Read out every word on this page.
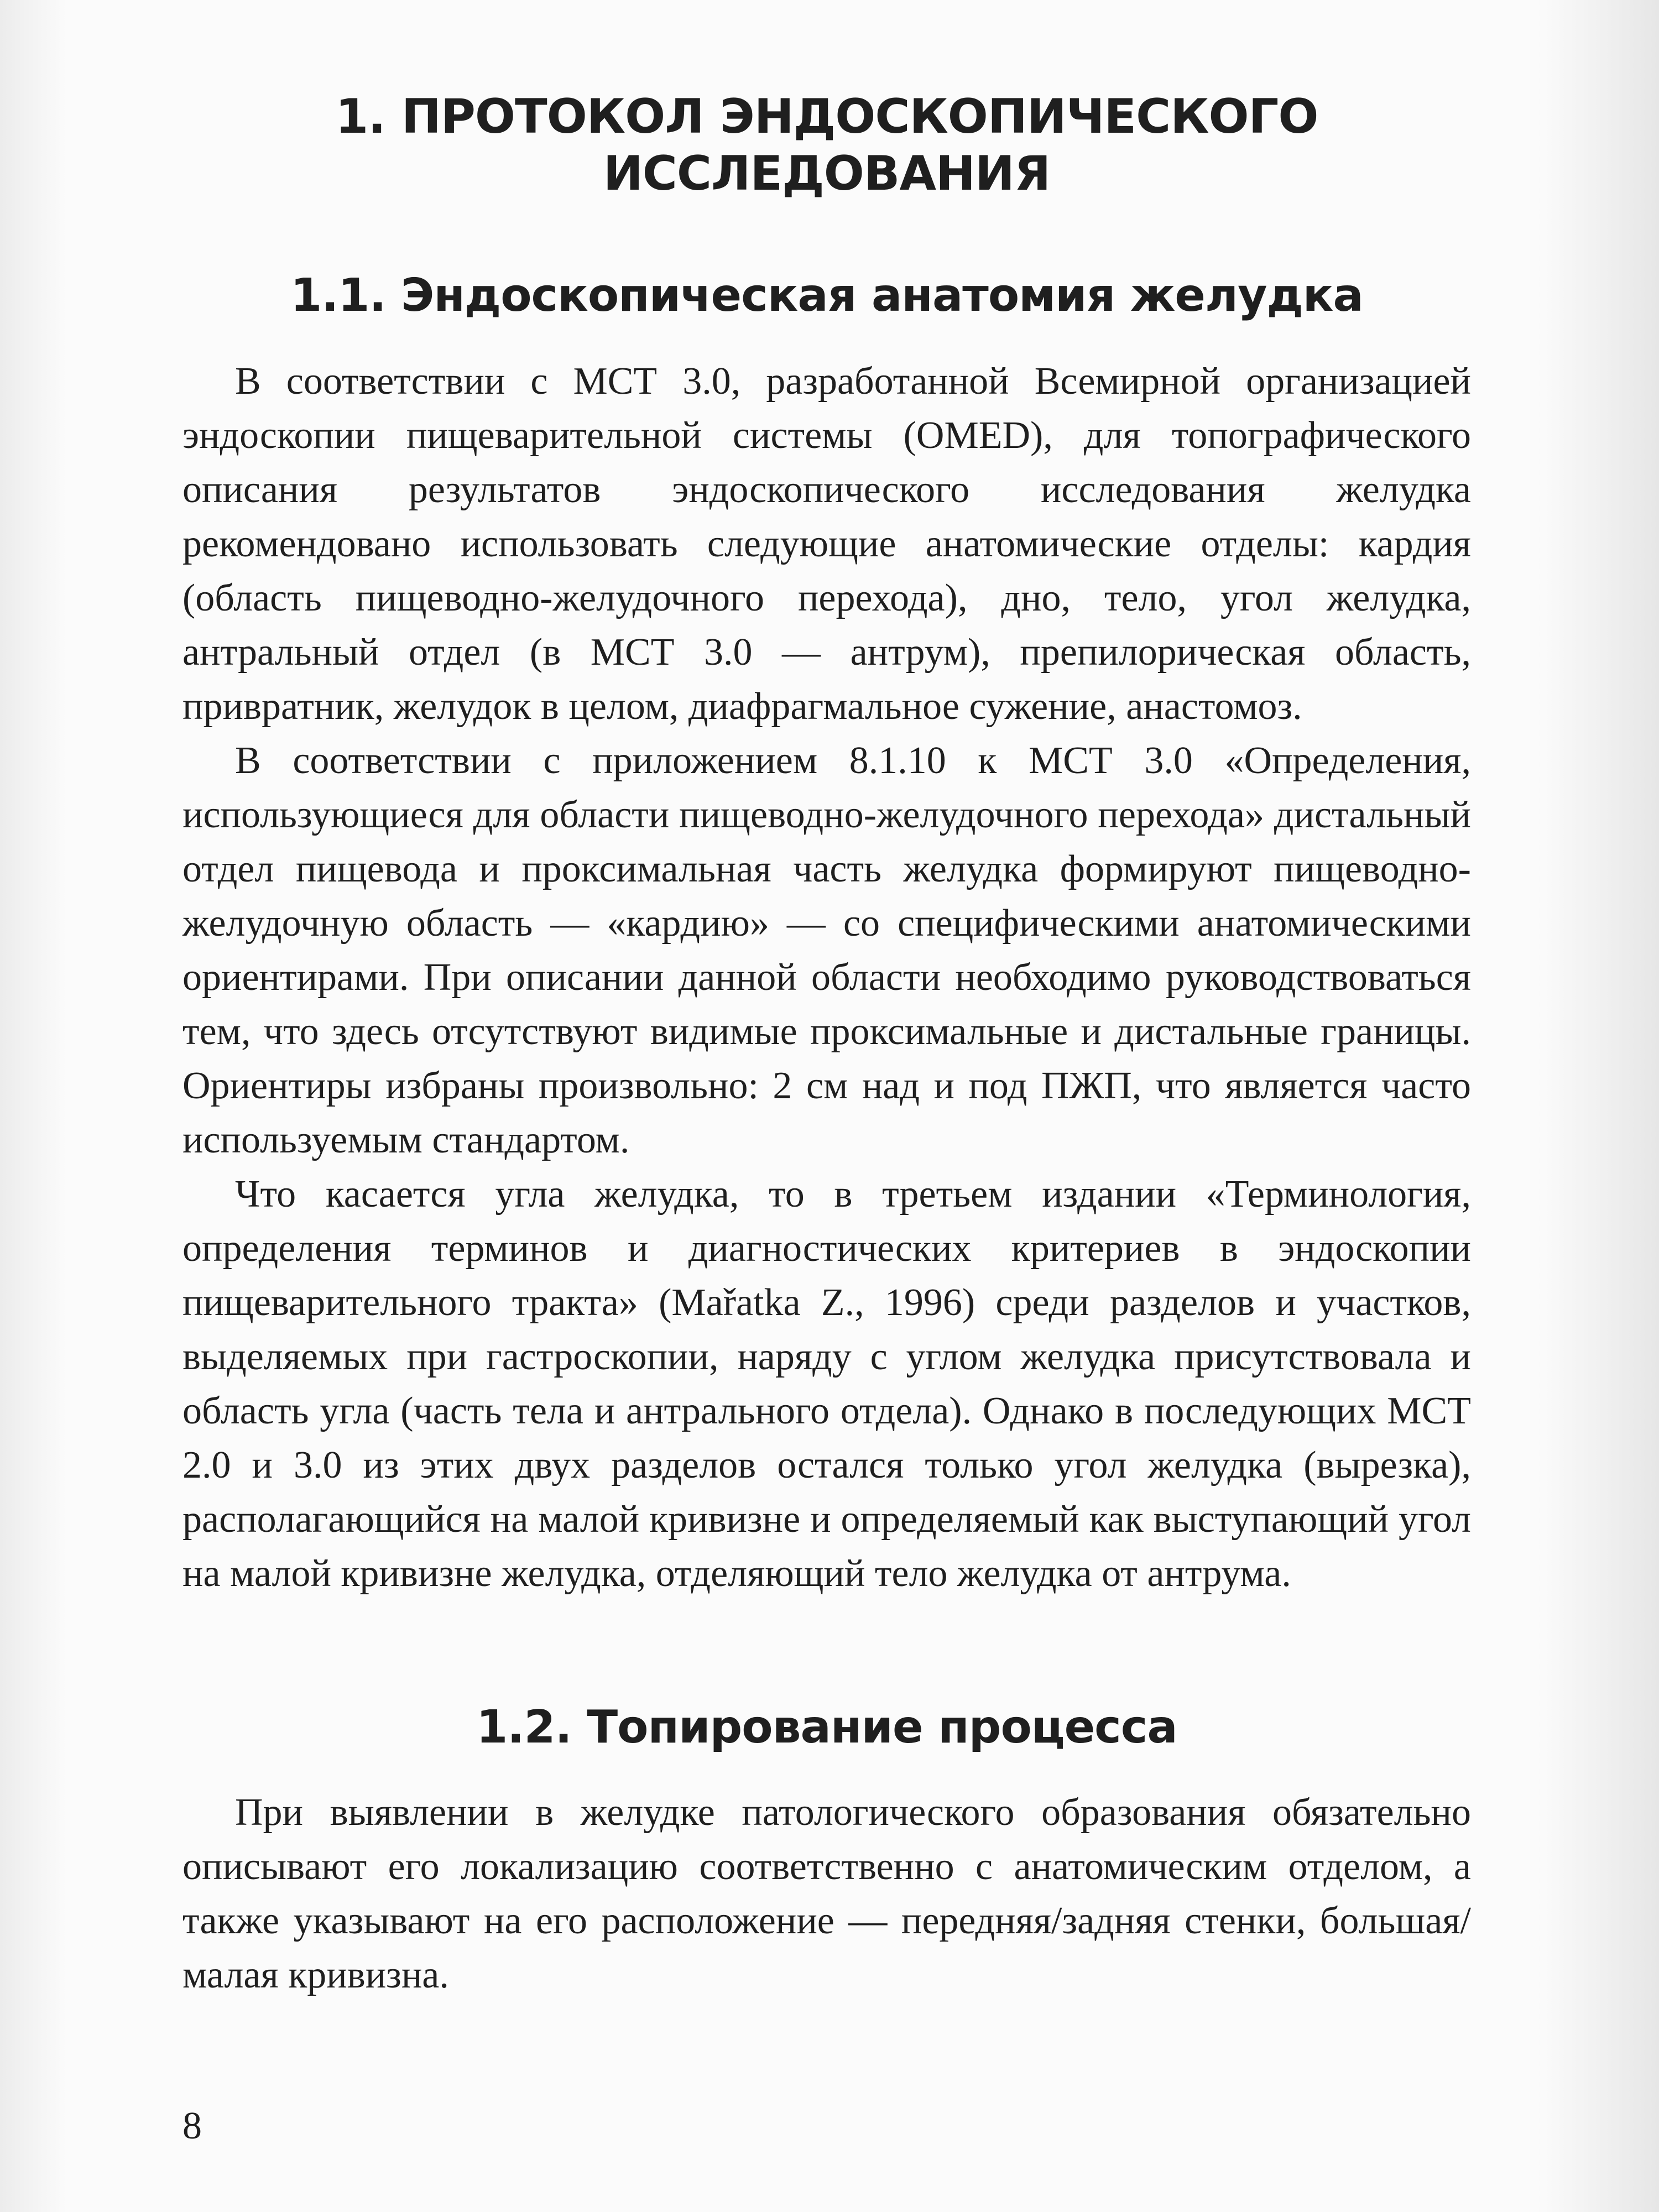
1. ПРОТОКОЛ ЭНДОСКОПИЧЕСКОГО ИССЛЕДОВАНИЯ
1.1. Эндоскопическая анатомия желудка

В соответствии с МСТ 3.0, разработанной Всемирной организацией эндоскопии пищеварительной системы (OMED), для топографического описания результатов эндоскопического исследования желудка рекомендовано использовать следующие анатомические отделы: кардия (область пищеводно-желудочного перехода), дно, тело, угол желудка, антральный отдел (в МСТ 3.0 — антрум), препилорическая область, привратник, желудок в целом, диафрагмальное сужение, анастомоз.

В соответствии с приложением 8.1.10 к МСТ 3.0 «Определения, использующиеся для области пищеводно-желудочного перехода» дистальный отдел пищевода и проксимальная часть желудка формируют пищеводно-желудочную область — «кардию» — со специфическими анатомическими ориентирами. При описании данной области необходимо руководствоваться тем, что здесь отсутствуют видимые проксимальные и дистальные границы. Ориентиры избраны произвольно: 2 см над и под ПЖП, что является часто используемым стандартом.

Что касается угла желудка, то в третьем издании «Терминология, определения терминов и диагностических критериев в эндоскопии пищеварительного тракта» (Mařatka Z., 1996) среди разделов и участков, выделяемых при гастроскопии, наряду с углом желудка присутствовала и область угла (часть тела и антрального отдела). Однако в последующих МСТ 2.0 и 3.0 из этих двух разделов остался только угол желудка (вырезка), располагающийся на малой кривизне и определяемый как выступающий угол на малой кривизне желудка, отделяющий тело желудка от антрума.

1.2. Топирование процесса

При выявлении в желудке патологического образования обязательно описывают его локализацию соответственно с анатомическим отделом, а также указывают на его расположение — передняя/задняя стенки, большая/малая кривизна.

8
